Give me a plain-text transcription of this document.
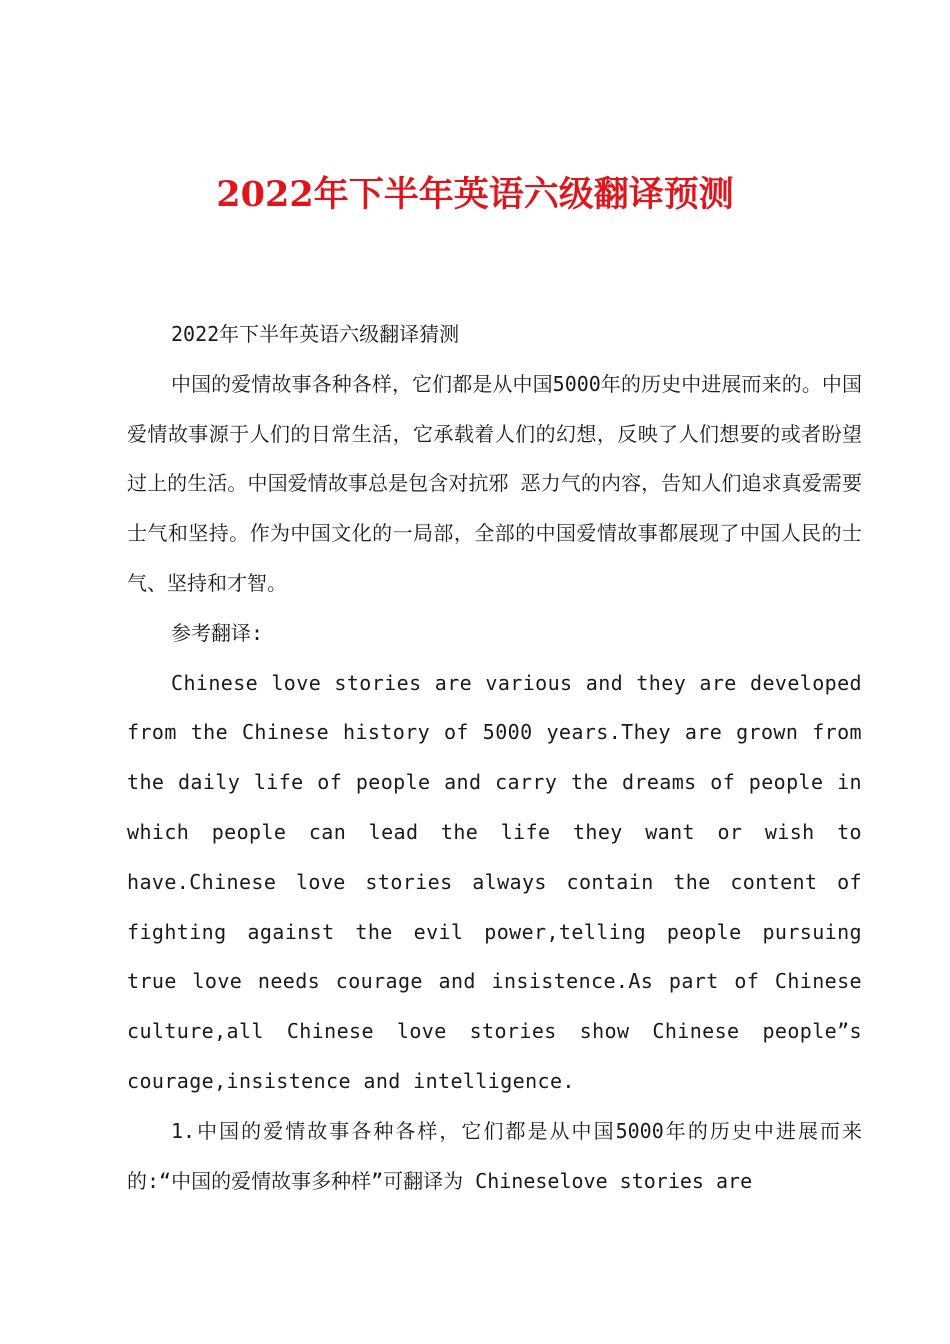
2022年下半年英语六级翻译预测

2022年下半年英语六级翻译猜测

中国的爱情故事各种各样，它们都是从中国5000年的历史中进展而来的。中国爱情故事源于人们的日常生活，它承载着人们的幻想，反映了人们想要的或者盼望过上的生活。中国爱情故事总是包含对抗邪 恶力气的内容，告知人们追求真爱需要士气和坚持。作为中国文化的一局部，全部的中国爱情故事都展现了中国人民的士气、坚持和才智。

参考翻译:

Chinese love stories are various and they are developed from the Chinese history of 5000 years.They are grown from the daily life of people and carry the dreams of people in which people can lead the life they want or wish to have.Chinese love stories always contain the content of fighting against the evil power,telling people pursuing true love needs courage and insistence.As part of Chinese culture,all Chinese love stories show Chinese people”s courage,insistence and intelligence.

1.中国的爱情故事各种各样，它们都是从中国5000年的历史中进展而来的:“中国的爱情故事多种样”可翻译为 Chineselove stories are
